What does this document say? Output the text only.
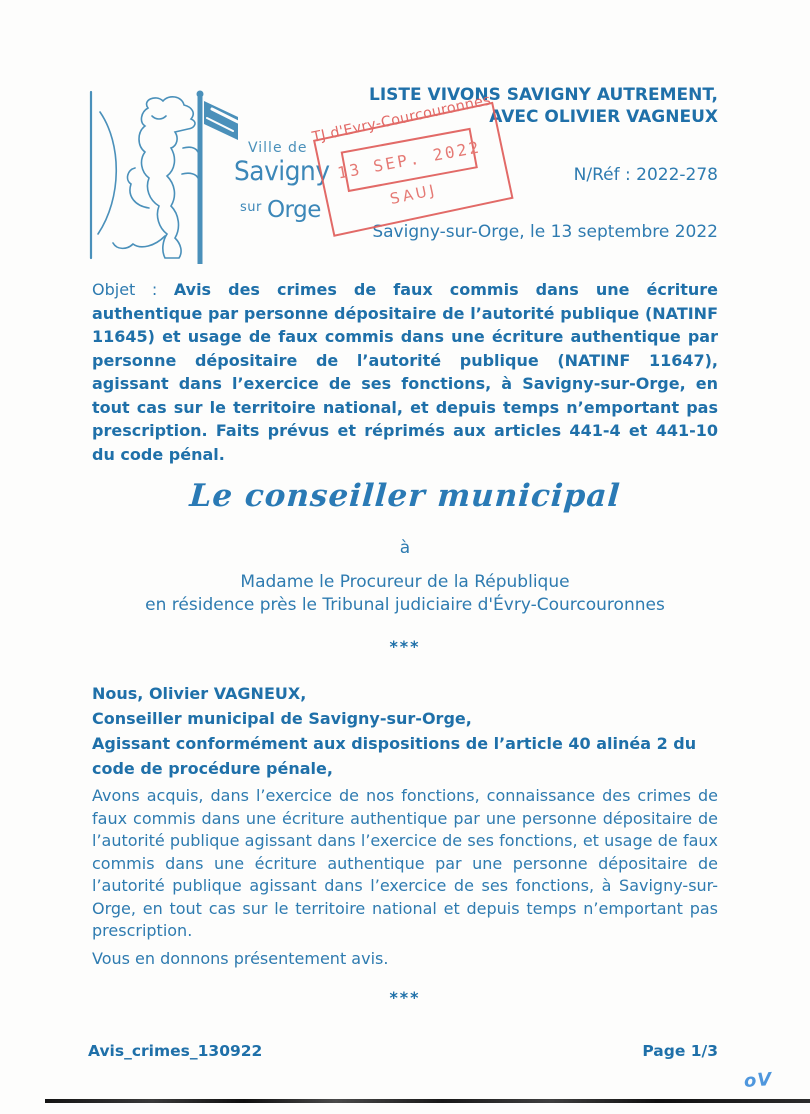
Ville de
Savigny
$^{sur}$ Orge
LISTE VIVONS SAVIGNY AUTREMENT,
AVEC OLIVIER VAGNEUX
N/Réf : 2022-278
Savigny-sur-Orge, le 13 septembre 2022
TJ d'Evry-Courcouronnes
13 SEP. 2022
SAUJ
Objet : Avis des crimes de faux commis dans une écriture authentique par personne dépositaire de l’autorité publique (NATINF 11645) et usage de faux commis dans une écriture authentique par personne dépositaire de l’autorité publique (NATINF 11647), agissant dans l’exercice de ses fonctions, à Savigny-sur-Orge, en tout cas sur le territoire national, et depuis temps n’emportant pas prescription. Faits prévus et réprimés aux articles 441-4 et 441-10 du code pénal.
Le conseiller municipal
à
Madame le Procureur de la République
en résidence près le Tribunal judiciaire d'Évry-Courcouronnes
***
Nous, Olivier VAGNEUX,
Conseiller municipal de Savigny-sur-Orge,
Agissant conformément aux dispositions de l’article 40 alinéa 2 du code de procédure pénale,
Avons acquis, dans l’exercice de nos fonctions, connaissance des crimes de faux commis dans une écriture authentique par une personne dépositaire de l’autorité publique agissant dans l’exercice de ses fonctions, et usage de faux commis dans une écriture authentique par une personne dépositaire de l’autorité publique agissant dans l’exercice de ses fonctions, à Savigny-sur-Orge, en tout cas sur le territoire national et depuis temps n’emportant pas prescription.
Vous en donnons présentement avis.
***
Avis_crimes_130922	Page 1/3
oV
